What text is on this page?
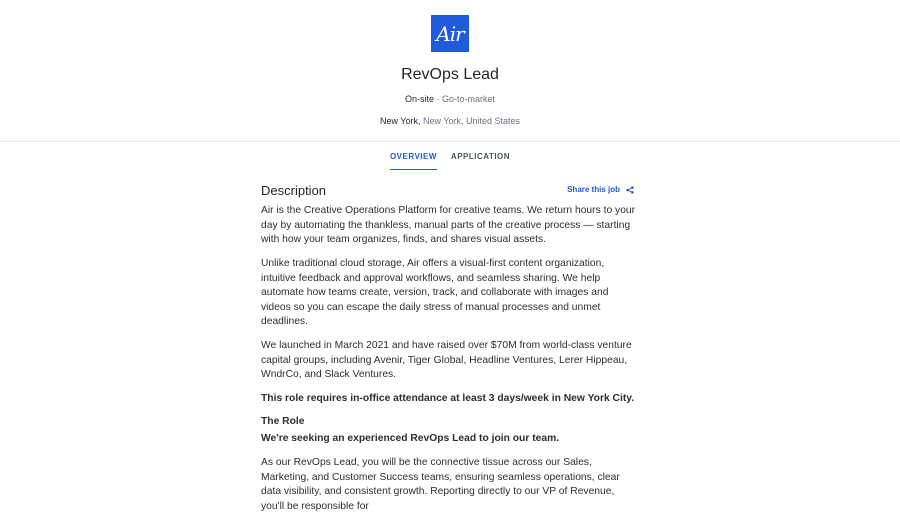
Air
RevOps Lead
On-site · Go-to-market
New York, New York, United States
OVERVIEW APPLICATION
Description	Share this job

Air is the Creative Operations Platform for creative teams. We return hours to your day by automating the thankless, manual parts of the creative process — starting with how your team organizes, finds, and shares visual assets.

Unlike traditional cloud storage, Air offers a visual-first content organization, intuitive feedback and approval workflows, and seamless sharing. We help automate how teams create, version, track, and collaborate with images and videos so you can escape the daily stress of manual processes and unmet deadlines.

We launched in March 2021 and have raised over $70M from world-class venture capital groups, including Avenir, Tiger Global, Headline Ventures, Lerer Hippeau, WndrCo, and Slack Ventures.

This role requires in-office attendance at least 3 days/week in New York City.

The Role

We're seeking an experienced RevOps Lead to join our team.

As our RevOps Lead, you will be the connective tissue across our Sales, Marketing, and Customer Success teams, ensuring seamless operations, clear data visibility, and consistent growth. Reporting directly to our VP of Revenue, you'll be responsible for
